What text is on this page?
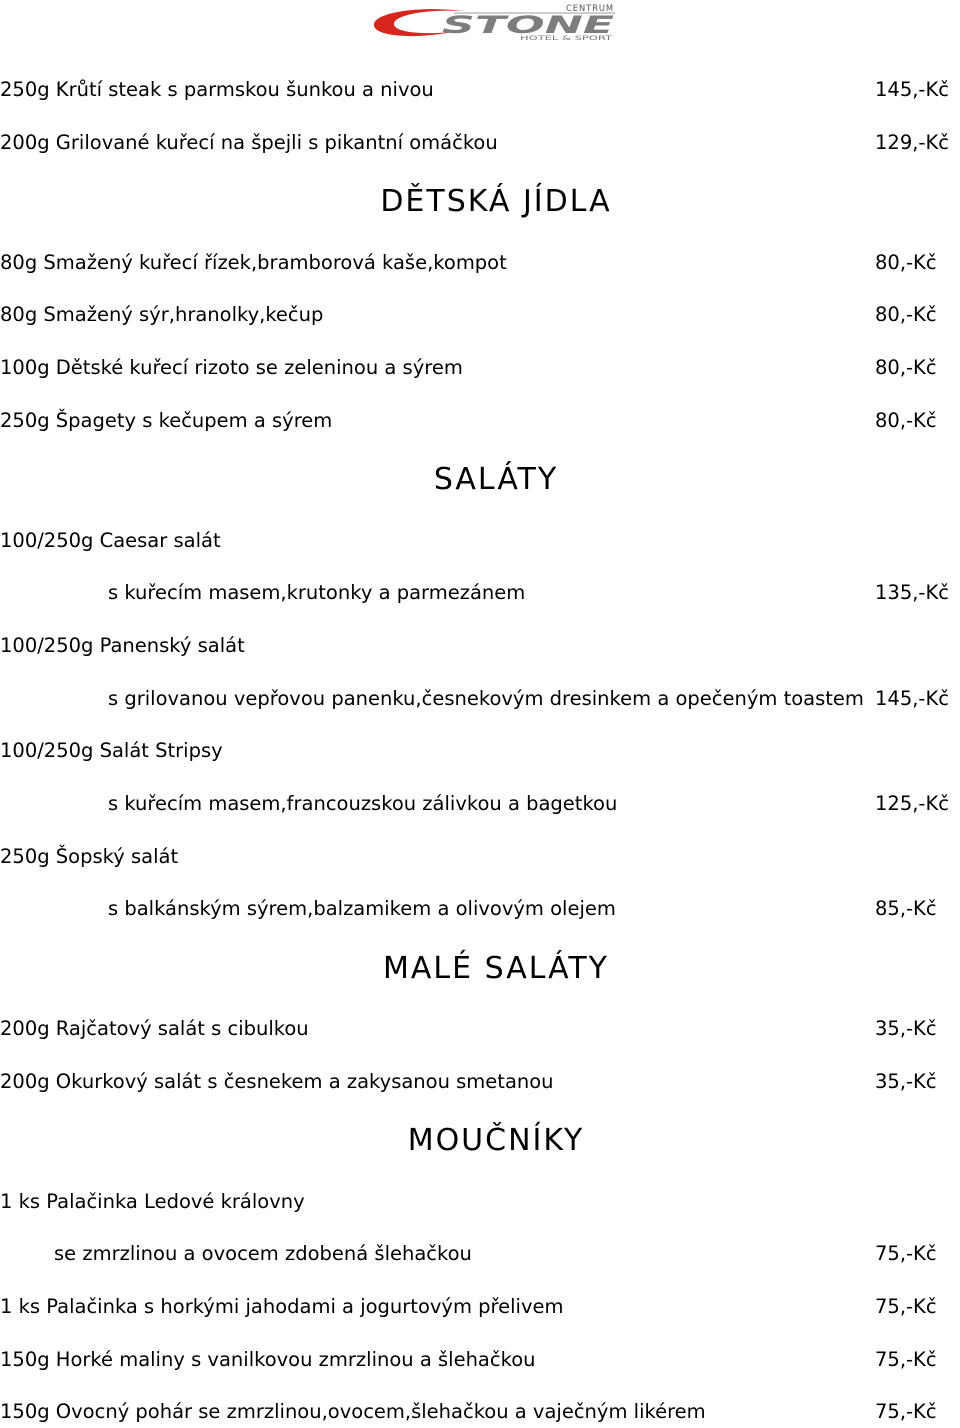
CENTRUM
STONE
HOTEL & SPORT
250g Krůtí steak s parmskou šunkou a nivou	145,-Kč
200g Grilované kuřecí na špejli s pikantní omáčkou	129,-Kč
DĚTSKÁ JÍDLA
80g Smažený kuřecí řízek,bramborová kaše,kompot	80,-Kč
80g Smažený sýr,hranolky,kečup	80,-Kč
100g Dětské kuřecí rizoto se zeleninou a sýrem	80,-Kč
250g Špagety s kečupem a sýrem	80,-Kč
SALÁTY
100/250g Caesar salát
s kuřecím masem,krutonky a parmezánem	135,-Kč
100/250g Panenský salát
s grilovanou vepřovou panenku,česnekovým dresinkem a opečeným toastem 145,-Kč
100/250g Salát Stripsy
s kuřecím masem,francouzskou zálivkou a bagetkou	125,-Kč
250g Šopský salát
s balkánským sýrem,balzamikem a olivovým olejem	85,-Kč
MALÉ SALÁTY
200g Rajčatový salát s cibulkou	35,-Kč
200g Okurkový salát s česnekem a zakysanou smetanou	35,-Kč
MOUČNÍKY
1 ks Palačinka Ledové královny
se zmrzlinou a ovocem zdobená šlehačkou	75,-Kč
1 ks Palačinka s horkými jahodami a jogurtovým přelivem	75,-Kč
150g Horké maliny s vanilkovou zmrzlinou a šlehačkou	75,-Kč
150g Ovocný pohár se zmrzlinou,ovocem,šlehačkou a vaječným likérem	75,-Kč
